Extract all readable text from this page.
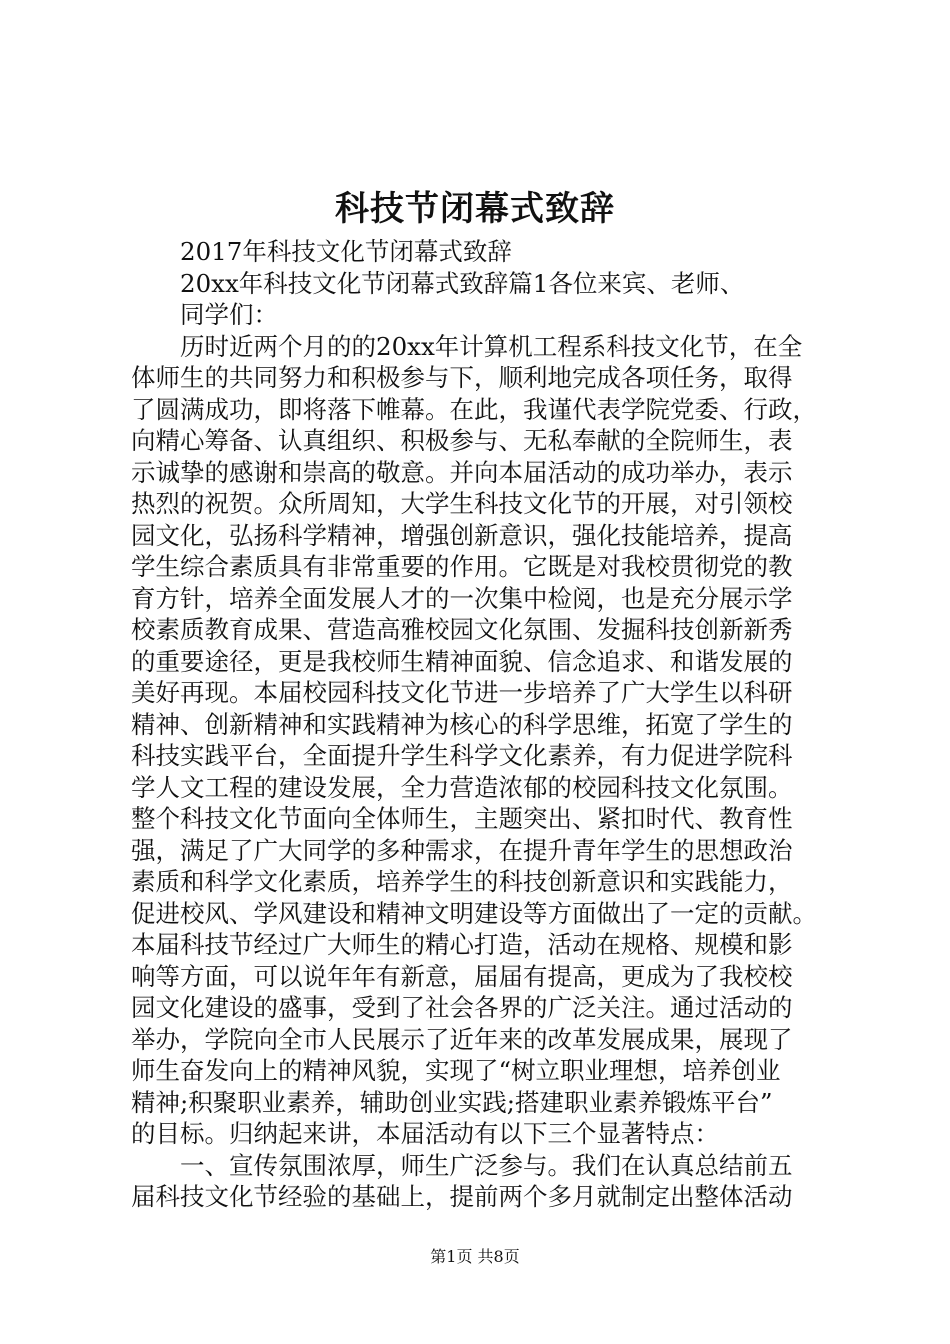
科技节闭幕式致辞
2017年科技文化节闭幕式致辞
20xx年科技文化节闭幕式致辞篇1各位来宾、老师、
同学们：
历时近两个月的的20xx年计算机工程系科技文化节，在全
体师生的共同努力和积极参与下，顺利地完成各项任务，取得
了圆满成功，即将落下帷幕。在此，我谨代表学院党委、行政，
向精心筹备、认真组织、积极参与、无私奉献的全院师生，表
示诚挚的感谢和崇高的敬意。并向本届活动的成功举办，表示
热烈的祝贺。众所周知，大学生科技文化节的开展，对引领校
园文化，弘扬科学精神，增强创新意识，强化技能培养，提高
学生综合素质具有非常重要的作用。它既是对我校贯彻党的教
育方针，培养全面发展人才的一次集中检阅，也是充分展示学
校素质教育成果、营造高雅校园文化氛围、发掘科技创新新秀
的重要途径，更是我校师生精神面貌、信念追求、和谐发展的
美好再现。本届校园科技文化节进一步培养了广大学生以科研
精神、创新精神和实践精神为核心的科学思维，拓宽了学生的
科技实践平台，全面提升学生科学文化素养，有力促进学院科
学人文工程的建设发展，全力营造浓郁的校园科技文化氛围。
整个科技文化节面向全体师生，主题突出、紧扣时代、教育性
强，满足了广大同学的多种需求，在提升青年学生的思想政治
素质和科学文化素质，培养学生的科技创新意识和实践能力，
促进校风、学风建设和精神文明建设等方面做出了一定的贡献。
本届科技节经过广大师生的精心打造，活动在规格、规模和影
响等方面，可以说年年有新意，届届有提高，更成为了我校校
园文化建设的盛事，受到了社会各界的广泛关注。通过活动的
举办，学院向全市人民展示了近年来的改革发展成果，展现了
师生奋发向上的精神风貌，实现了“树立职业理想，培养创业
精神;积聚职业素养，辅助创业实践;搭建职业素养锻炼平台”
的目标。归纳起来讲，本届活动有以下三个显著特点：
一、宣传氛围浓厚，师生广泛参与。我们在认真总结前五
届科技文化节经验的基础上，提前两个多月就制定出整体活动
第1页 共8页
